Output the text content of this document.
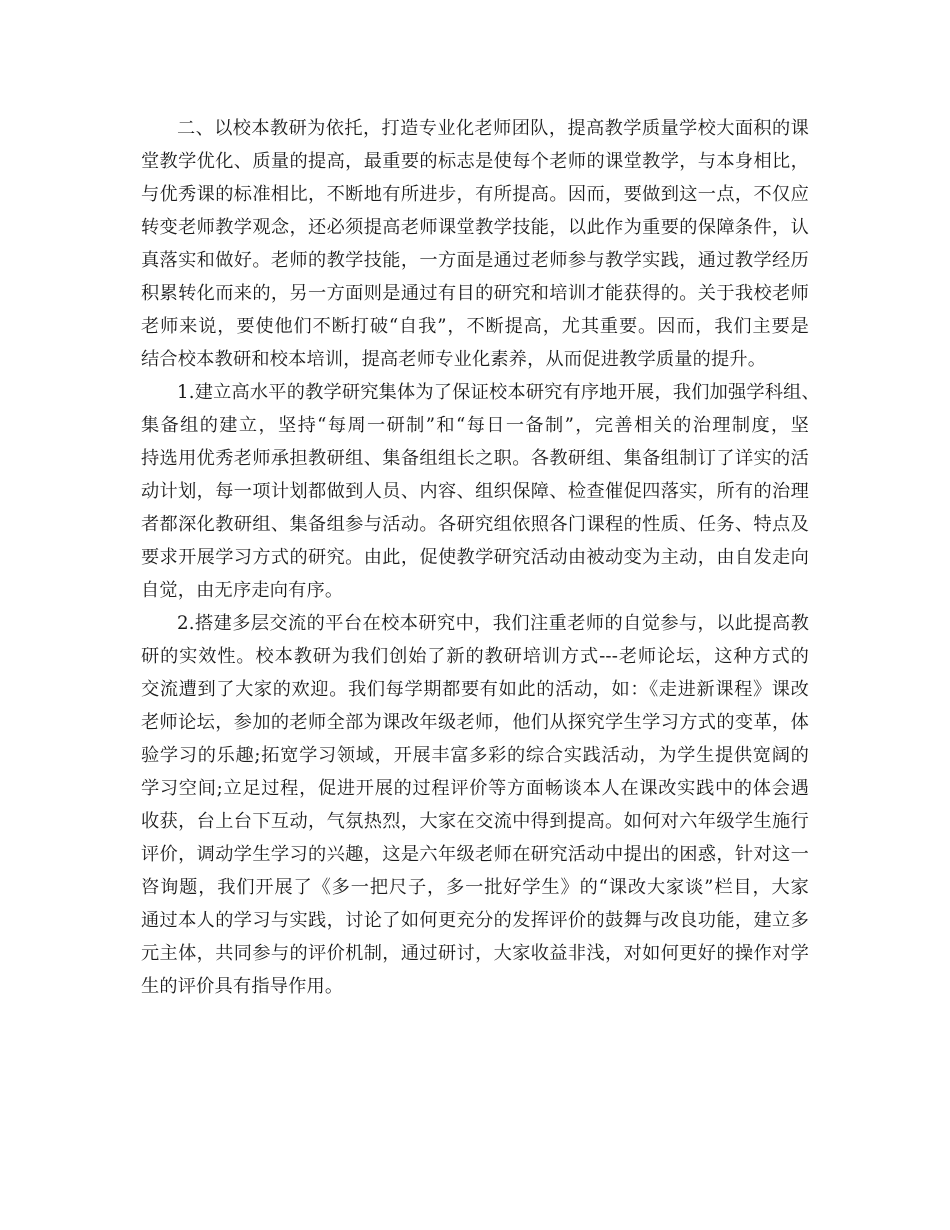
二、以校本教研为依托，打造专业化老师团队，提高教学质量学校大面积的课
堂教学优化、质量的提高，最重要的标志是使每个老师的课堂教学，与本身相比，
与优秀课的标准相比，不断地有所进步，有所提高。因而，要做到这一点，不仅应
转变老师教学观念，还必须提高老师课堂教学技能，以此作为重要的保障条件，认
真落实和做好。老师的教学技能，一方面是通过老师参与教学实践，通过教学经历
积累转化而来的，另一方面则是通过有目的研究和培训才能获得的。关于我校老师
老师来说，要使他们不断打破“自我”，不断提高，尤其重要。因而，我们主要是
结合校本教研和校本培训，提高老师专业化素养，从而促进教学质量的提升。
1.建立高水平的教学研究集体为了保证校本研究有序地开展，我们加强学科组、
集备组的建立，坚持“每周一研制”和“每日一备制”，完善相关的治理制度，坚
持选用优秀老师承担教研组、集备组组长之职。各教研组、集备组制订了详实的活
动计划，每一项计划都做到人员、内容、组织保障、检查催促四落实，所有的治理
者都深化教研组、集备组参与活动。各研究组依照各门课程的性质、任务、特点及
要求开展学习方式的研究。由此，促使教学研究活动由被动变为主动，由自发走向
自觉，由无序走向有序。
2.搭建多层交流的平台在校本研究中，我们注重老师的自觉参与，以此提高教
研的实效性。校本教研为我们创始了新的教研培训方式---老师论坛，这种方式的
交流遭到了大家的欢迎。我们每学期都要有如此的活动，如：《走进新课程》课改
老师论坛，参加的老师全部为课改年级老师，他们从探究学生学习方式的变革，体
验学习的乐趣;拓宽学习领域，开展丰富多彩的综合实践活动，为学生提供宽阔的
学习空间;立足过程，促进开展的过程评价等方面畅谈本人在课改实践中的体会遇
收获，台上台下互动，气氛热烈，大家在交流中得到提高。如何对六年级学生施行
评价，调动学生学习的兴趣，这是六年级老师在研究活动中提出的困惑，针对这一
咨询题，我们开展了《多一把尺子，多一批好学生》的“课改大家谈”栏目，大家
通过本人的学习与实践，讨论了如何更充分的发挥评价的鼓舞与改良功能，建立多
元主体，共同参与的评价机制，通过研讨，大家收益非浅，对如何更好的操作对学
生的评价具有指导作用。
